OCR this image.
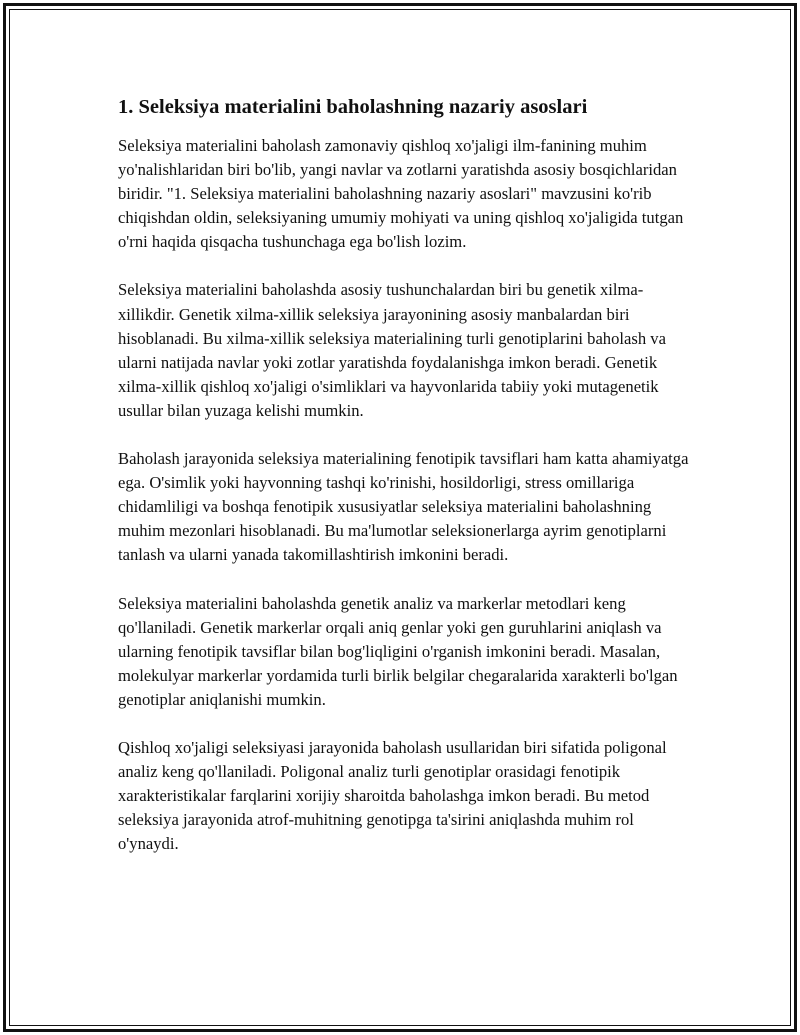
1. Seleksiya materialini baholashning nazariy asoslari

Seleksiya materialini baholash zamonaviy qishloq xo'jaligi ilm-fanining muhim yo'nalishlaridan biri bo'lib, yangi navlar va zotlarni yaratishda asosiy bosqichlaridan biridir. "1. Seleksiya materialini baholashning nazariy asoslari" mavzusini ko'rib chiqishdan oldin, seleksiyaning umumiy mohiyati va uning qishloq xo'jaligida tutgan o'rni haqida qisqacha tushunchaga ega bo'lish lozim.

Seleksiya materialini baholashda asosiy tushunchalardan biri bu genetik xilma-xillikdir. Genetik xilma-xillik seleksiya jarayonining asosiy manbalardan biri hisoblanadi. Bu xilma-xillik seleksiya materialining turli genotiplarini baholash va ularni natijada navlar yoki zotlar yaratishda foydalanishga imkon beradi. Genetik xilma-xillik qishloq xo'jaligi o'simliklari va hayvonlarida tabiiy yoki mutagenetik usullar bilan yuzaga kelishi mumkin.

Baholash jarayonida seleksiya materialining fenotipik tavsiflari ham katta ahamiyatga ega. O'simlik yoki hayvonning tashqi ko'rinishi, hosildorligi, stress omillariga chidamliligi va boshqa fenotipik xususiyatlar seleksiya materialini baholashning muhim mezonlari hisoblanadi. Bu ma'lumotlar seleksionerlarga ayrim genotiplarni tanlash va ularni yanada takomillashtirish imkonini beradi.

Seleksiya materialini baholashda genetik analiz va markerlar metodlari keng qo'llaniladi. Genetik markerlar orqali aniq genlar yoki gen guruhlarini aniqlash va ularning fenotipik tavsiflar bilan bog'liqligini o'rganish imkonini beradi. Masalan, molekulyar markerlar yordamida turli birlik belgilar chegaralarida xarakterli bo'lgan genotiplar aniqlanishi mumkin.

Qishloq xo'jaligi seleksiyasi jarayonida baholash usullaridan biri sifatida poligonal analiz keng qo'llaniladi. Poligonal analiz turli genotiplar orasidagi fenotipik xarakteristikalar farqlarini xorijiy sharoitda baholashga imkon beradi. Bu metod seleksiya jarayonida atrof-muhitning genotipga ta'sirini aniqlashda muhim rol o'ynaydi.
